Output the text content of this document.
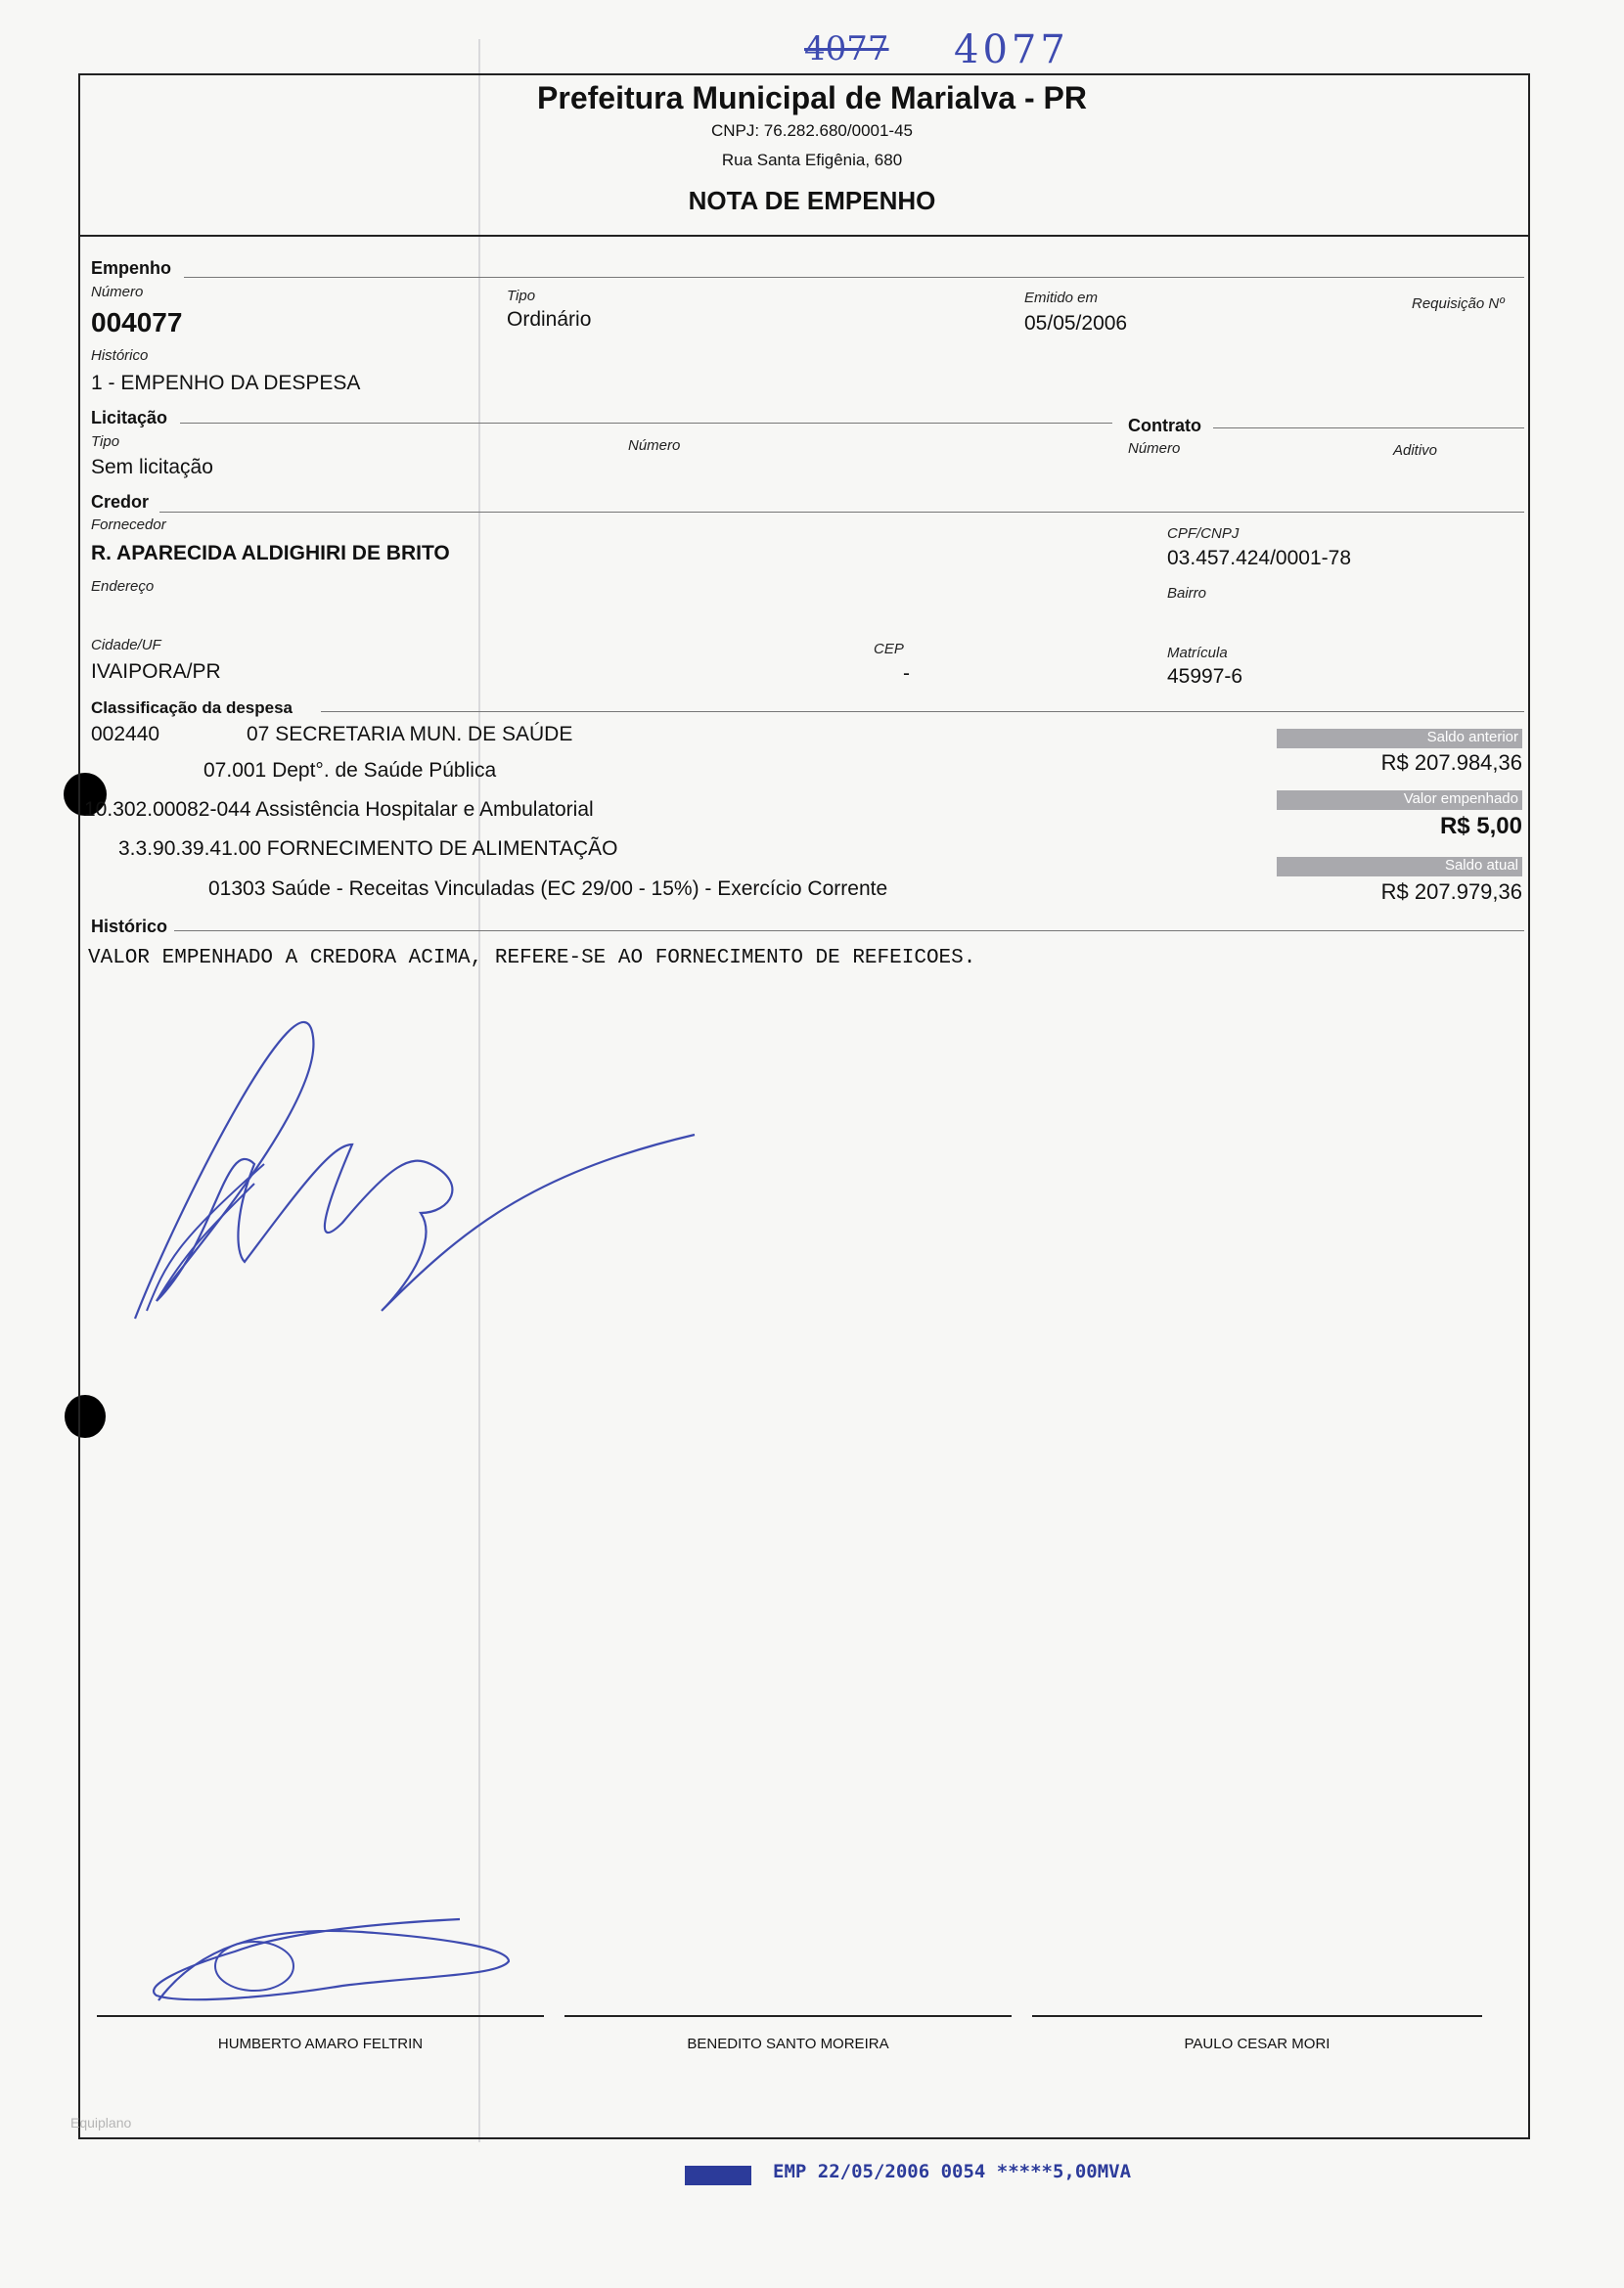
4077 4077
Prefeitura Municipal de Marialva - PR
CNPJ: 76.282.680/0001-45
Rua Santa Efigênia, 680
NOTA DE EMPENHO
Empenho
Número
004077
Tipo
Ordinário
Emitido em
05/05/2006
Requisição Nº
Histórico
1 - EMPENHO DA DESPESA
Licitação
Tipo
Sem licitação
Número
Contrato
Número	Aditivo
Credor
Fornecedor
R. APARECIDA ALDIGHIRI DE BRITO
CPF/CNPJ
03.457.424/0001-78
Endereço	Bairro
Cidade/UF
IVAIPORA/PR
CEP
-
Matrícula
45997-6
Classificação da despesa
002440	07 SECRETARIA MUN. DE SAÚDE
07.001 Dept°. de Saúde Pública
10.302.00082-044 Assistência Hospitalar e Ambulatorial
3.3.90.39.41.00 FORNECIMENTO DE ALIMENTAÇÃO
01303 Saúde - Receitas Vinculadas (EC 29/00 - 15%) - Exercício Corrente
Saldo anterior
R$ 207.984,36
Valor empenhado
R$ 5,00
Saldo atual
R$ 207.979,36
Histórico
VALOR EMPENHADO A CREDORA ACIMA, REFERE-SE AO FORNECIMENTO DE REFEICOES.
HUMBERTO AMARO FELTRIN	BENEDITO SANTO MOREIRA	PAULO CESAR MORI
Equiplano
EMP 22/05/2006 0054 *****5,00MVA
